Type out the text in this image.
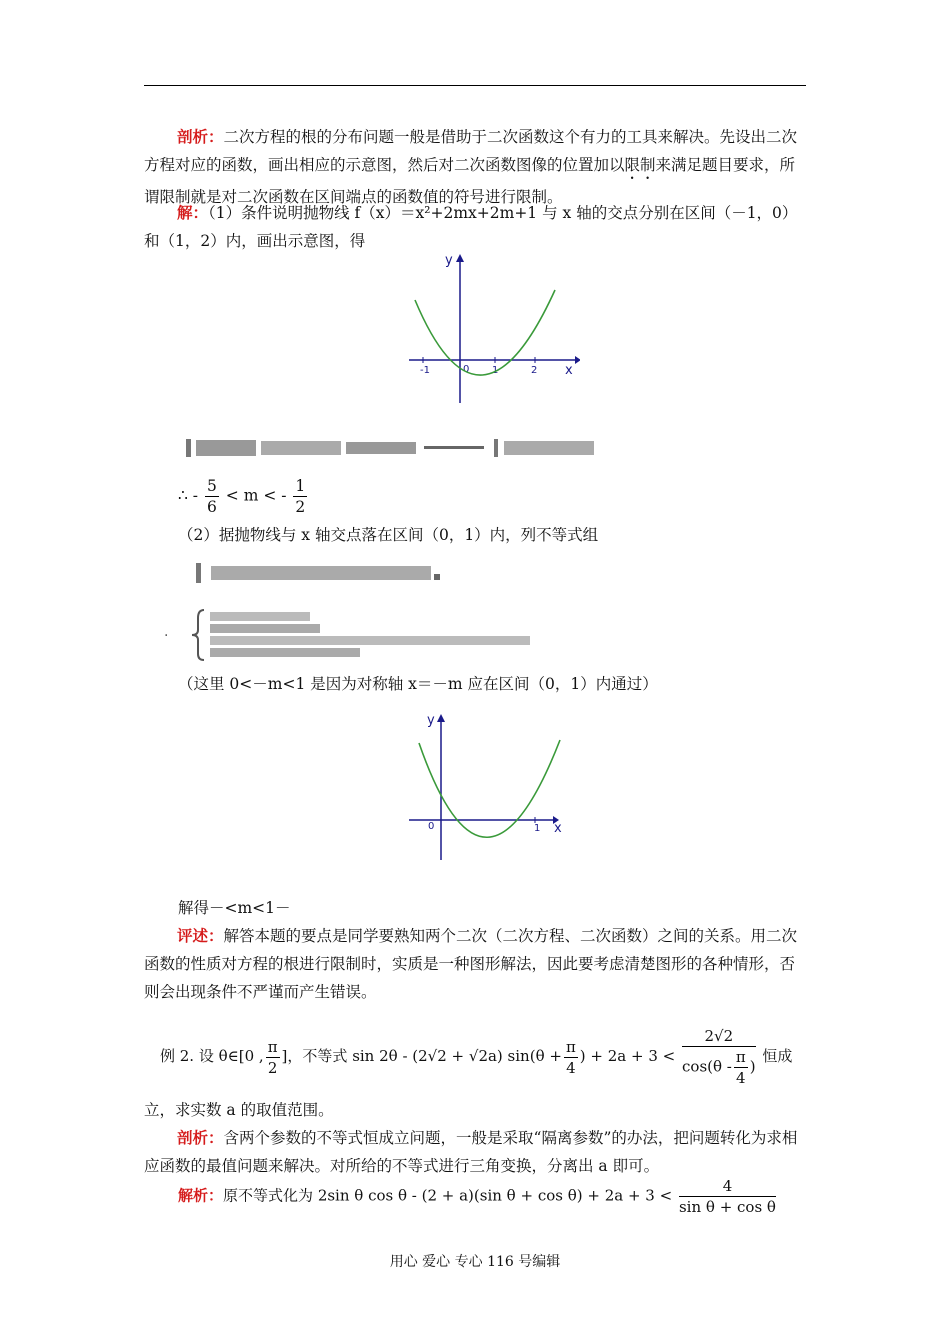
剖析：二次方程的根的分布问题一般是借助于二次函数这个有力的工具来解决。先设出二次方程对应的函数，画出相应的示意图，然后对二次函数图像的位置加以限制来满足题目要求，所谓限制就是对二次函数在区间端点的函数值的符号进行限制。
解：（1）条件说明抛物线 f（x）＝x²+2mx+2m+1 与 x 轴的交点分别在区间（－1，0）和（1，2）内，画出示意图，得
y
x
-1	0 1	2
∴ - $\frac{5}{6} < m$ < - $\frac{1}{2}$
（2）据抛物线与 x 轴交点落在区间（0，1）内，列不等式组
·
（这里 0<－m<1 是因为对称轴 x＝－m 应在区间（0，1）内通过）
y
x
0	1
解得－<m<1－
评述：解答本题的要点是同学要熟知两个二次（二次方程、二次函数）之间的关系。用二次函数的性质对方程的根进行限制时，实质是一种图形解法，因此要考虑清楚图形的各种情形，否则会出现条件不严谨而产生错误。
例 2. 设 θ∈[0 , $\frac{\pi}{2}$ ]，不等式 sin 2θ - (2√2 + √2a) $\sin(\theta + \frac{\pi}{4}$ ) + $2a + 3 < \frac{2√2}{\cos(\theta - \frac{\pi}{4} )}$ 恒成
立，求实数 a 的取值范围。
剖析：含两个参数的不等式恒成立问题，一般是采取“隔离参数”的办法，把问题转化为求相应函数的最值问题来解决。对所给的不等式进行三角变换，分离出 a 即可。
解析：原不等式化为 2sin θ cos θ - (2 + a)(sin $\theta + \cos \theta) + 2a + 3 < \frac{4}{\text{sin θ + cos θ}}$
用心 爱心 专心 116 号编辑
